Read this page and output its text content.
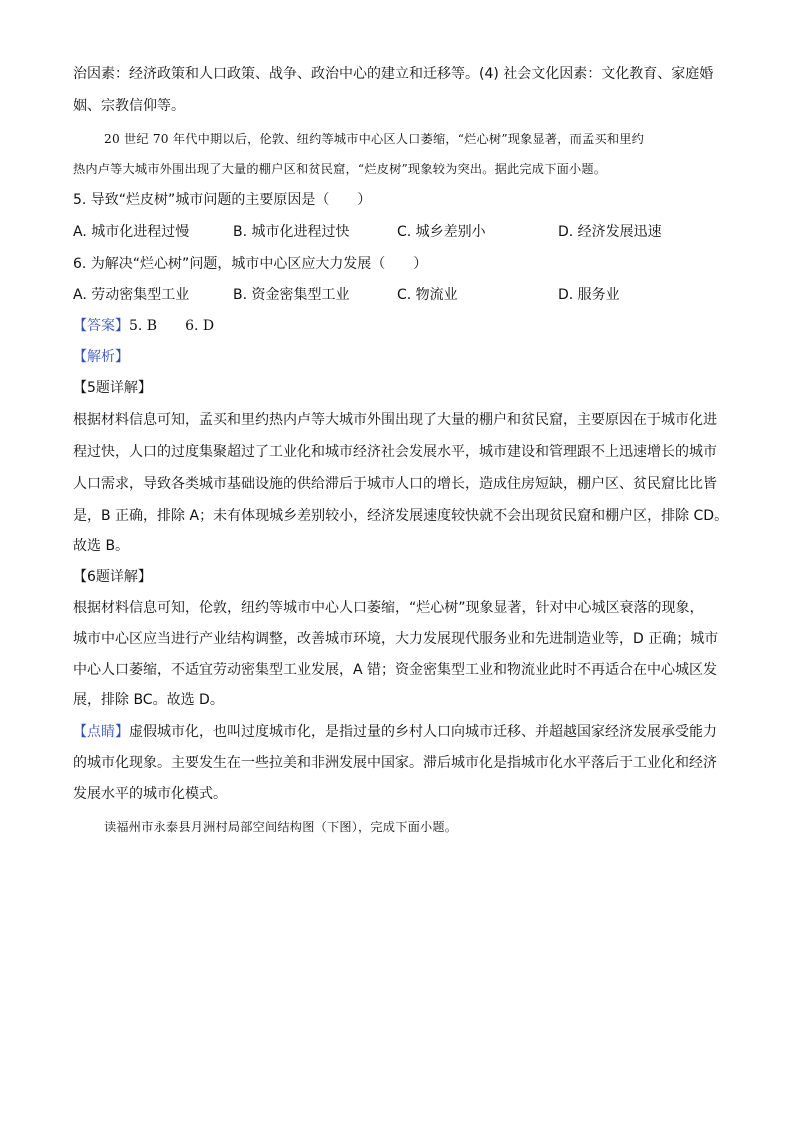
治因素：经济政策和人口政策、战争、政治中心的建立和迁移等。(4) 社会文化因素：文化教育、家庭婚
姻、宗教信仰等。
20 世纪 70 年代中期以后，伦敦、纽约等城市中心区人口萎缩，“烂心树”现象显著，而孟买和里约
热内卢等大城市外围出现了大量的棚户区和贫民窟，“烂皮树”现象较为突出。据此完成下面小题。
5. 导致“烂皮树”城市问题的主要原因是（　　）
A. 城市化进程过慢	B. 城市化进程过快	C. 城乡差别小	D. 经济发展迅速
6. 为解决“烂心树”问题，城市中心区应大力发展（　　）
A. 劳动密集型工业	B. 资金密集型工业	C. 物流业	D. 服务业
【答案】5. B　　6. D
【解析】
【5题详解】
根据材料信息可知，孟买和里约热内卢等大城市外围出现了大量的棚户和贫民窟，主要原因在于城市化进
程过快，人口的过度集聚超过了工业化和城市经济社会发展水平，城市建设和管理跟不上迅速增长的城市
人口需求，导致各类城市基础设施的供给滞后于城市人口的增长，造成住房短缺，棚户区、贫民窟比比皆
是，B 正确，排除 A；未有体现城乡差别较小，经济发展速度较快就不会出现贫民窟和棚户区，排除 CD。
故选 B。
【6题详解】
根据材料信息可知，伦敦，纽约等城市中心人口萎缩，“烂心树”现象显著，针对中心城区衰落的现象，
城市中心区应当进行产业结构调整，改善城市环境，大力发展现代服务业和先进制造业等，D 正确；城市
中心人口萎缩，不适宜劳动密集型工业发展，A 错；资金密集型工业和物流业此时不再适合在中心城区发
展，排除 BC。故选 D。
【点睛】虚假城市化，也叫过度城市化，是指过量的乡村人口向城市迁移、并超越国家经济发展承受能力
的城市化现象。主要发生在一些拉美和非洲发展中国家。滞后城市化是指城市化水平落后于工业化和经济
发展水平的城市化模式。
读福州市永泰县月洲村局部空间结构图（下图），完成下面小题。
